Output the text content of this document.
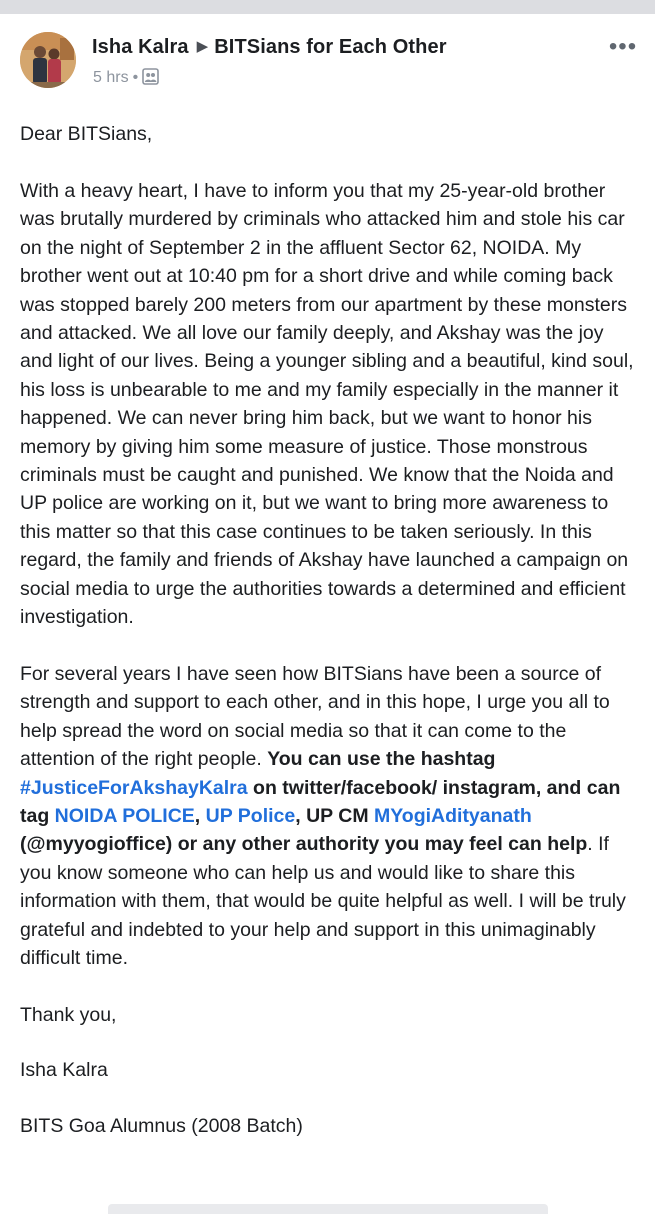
Isha Kalra ▶ BITSians for Each Other
5 hrs •
•••

Dear BITSians,

With a heavy heart, I have to inform you that my 25-year-old brother was brutally murdered by criminals who attacked him and stole his car on the night of September 2 in the affluent Sector 62, NOIDA. My brother went out at 10:40 pm for a short drive and while coming back was stopped barely 200 meters from our apartment by these monsters and attacked. We all love our family deeply, and Akshay was the joy and light of our lives. Being a younger sibling and a beautiful, kind soul, his loss is unbearable to me and my family especially in the manner it happened. We can never bring him back, but we want to honor his memory by giving him some measure of justice. Those monstrous criminals must be caught and punished. We know that the Noida and UP police are working on it, but we want to bring more awareness to this matter so that this case continues to be taken seriously. In this regard, the family and friends of Akshay have launched a campaign on social media to urge the authorities towards a determined and efficient investigation.

For several years I have seen how BITSians have been a source of strength and support to each other, and in this hope, I urge you all to help spread the word on social media so that it can come to the attention of the right people. You can use the hashtag #JusticeForAkshayKalra on twitter/facebook/ instagram, and can tag NOIDA POLICE, UP Police, UP CM MYogiAdityanath (@myyogioffice) or any other authority you may feel can help. If you know someone who can help us and would like to share this information with them, that would be quite helpful as well. I will be truly grateful and indebted to your help and support in this unimaginably difficult time.

Thank you,

Isha Kalra

BITS Goa Alumnus (2008 Batch)
